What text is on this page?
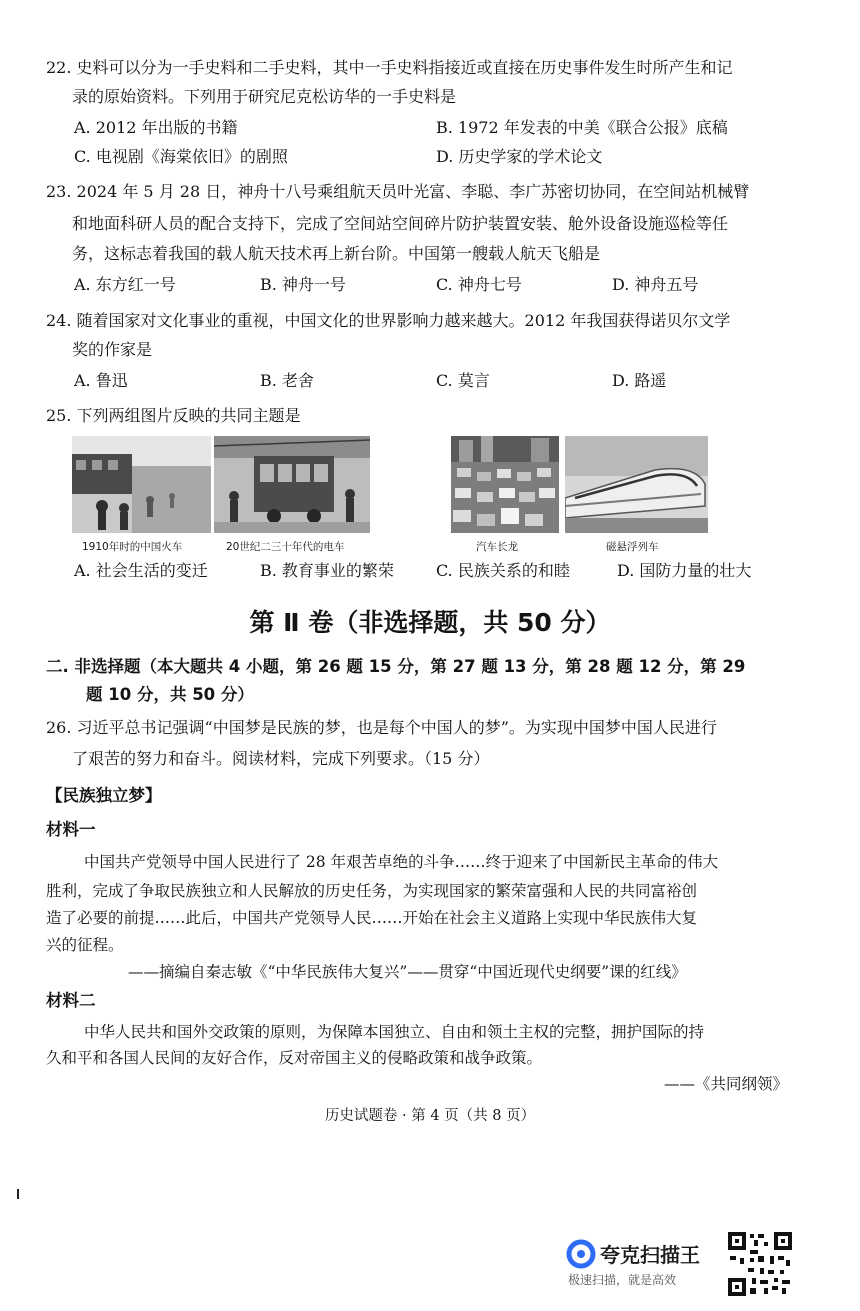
22. 史料可以分为一手史料和二手史料，其中一手史料指接近或直接在历史事件发生时所产生和记
录的原始资料。下列用于研究尼克松访华的一手史料是
A. 2012 年出版的书籍	B. 1972 年发表的中美《联合公报》底稿
C. 电视剧《海棠依旧》的剧照	D. 历史学家的学术论文
23. 2024 年 5 月 28 日，神舟十八号乘组航天员叶光富、李聪、李广苏密切协同，在空间站机械臂
和地面科研人员的配合支持下，完成了空间站空间碎片防护装置安装、舱外设备设施巡检等任
务，这标志着我国的载人航天技术再上新台阶。中国第一艘载人航天飞船是
A. 东方红一号	B. 神舟一号	C. 神舟七号	D. 神舟五号
24. 随着国家对文化事业的重视，中国文化的世界影响力越来越大。2012 年我国获得诺贝尔文学
奖的作家是
A. 鲁迅	B. 老舍	C. 莫言	D. 路遥
25. 下列两组图片反映的共同主题是
1910年时的中国火车	20世纪二三十年代的电车	汽车长龙	磁悬浮列车
A. 社会生活的变迁	B. 教育事业的繁荣	C. 民族关系的和睦	D. 国防力量的壮大
第 Ⅱ 卷（非选择题，共 50 分）
二. 非选择题（本大题共 4 小题，第 26 题 15 分，第 27 题 13 分，第 28 题 12 分，第 29
题 10 分，共 50 分）
26. 习近平总书记强调“中国梦是民族的梦，也是每个中国人的梦”。为实现中国梦中国人民进行
了艰苦的努力和奋斗。阅读材料，完成下列要求。（15 分）
【民族独立梦】
材料一
中国共产党领导中国人民进行了 28 年艰苦卓绝的斗争……终于迎来了中国新民主革命的伟大
胜利，完成了争取民族独立和人民解放的历史任务，为实现国家的繁荣富强和人民的共同富裕创
造了必要的前提……此后，中国共产党领导人民……开始在社会主义道路上实现中华民族伟大复
兴的征程。
——摘编自秦志敏《“中华民族伟大复兴”——贯穿“中国近现代史纲要”课的红线》
材料二
中华人民共和国外交政策的原则，为保障本国独立、自由和领土主权的完整，拥护国际的持
久和平和各国人民间的友好合作，反对帝国主义的侵略政策和战争政策。
——《共同纲领》
历史试题卷 · 第 4 页（共 8 页）
夸克扫描王
极速扫描，就是高效
